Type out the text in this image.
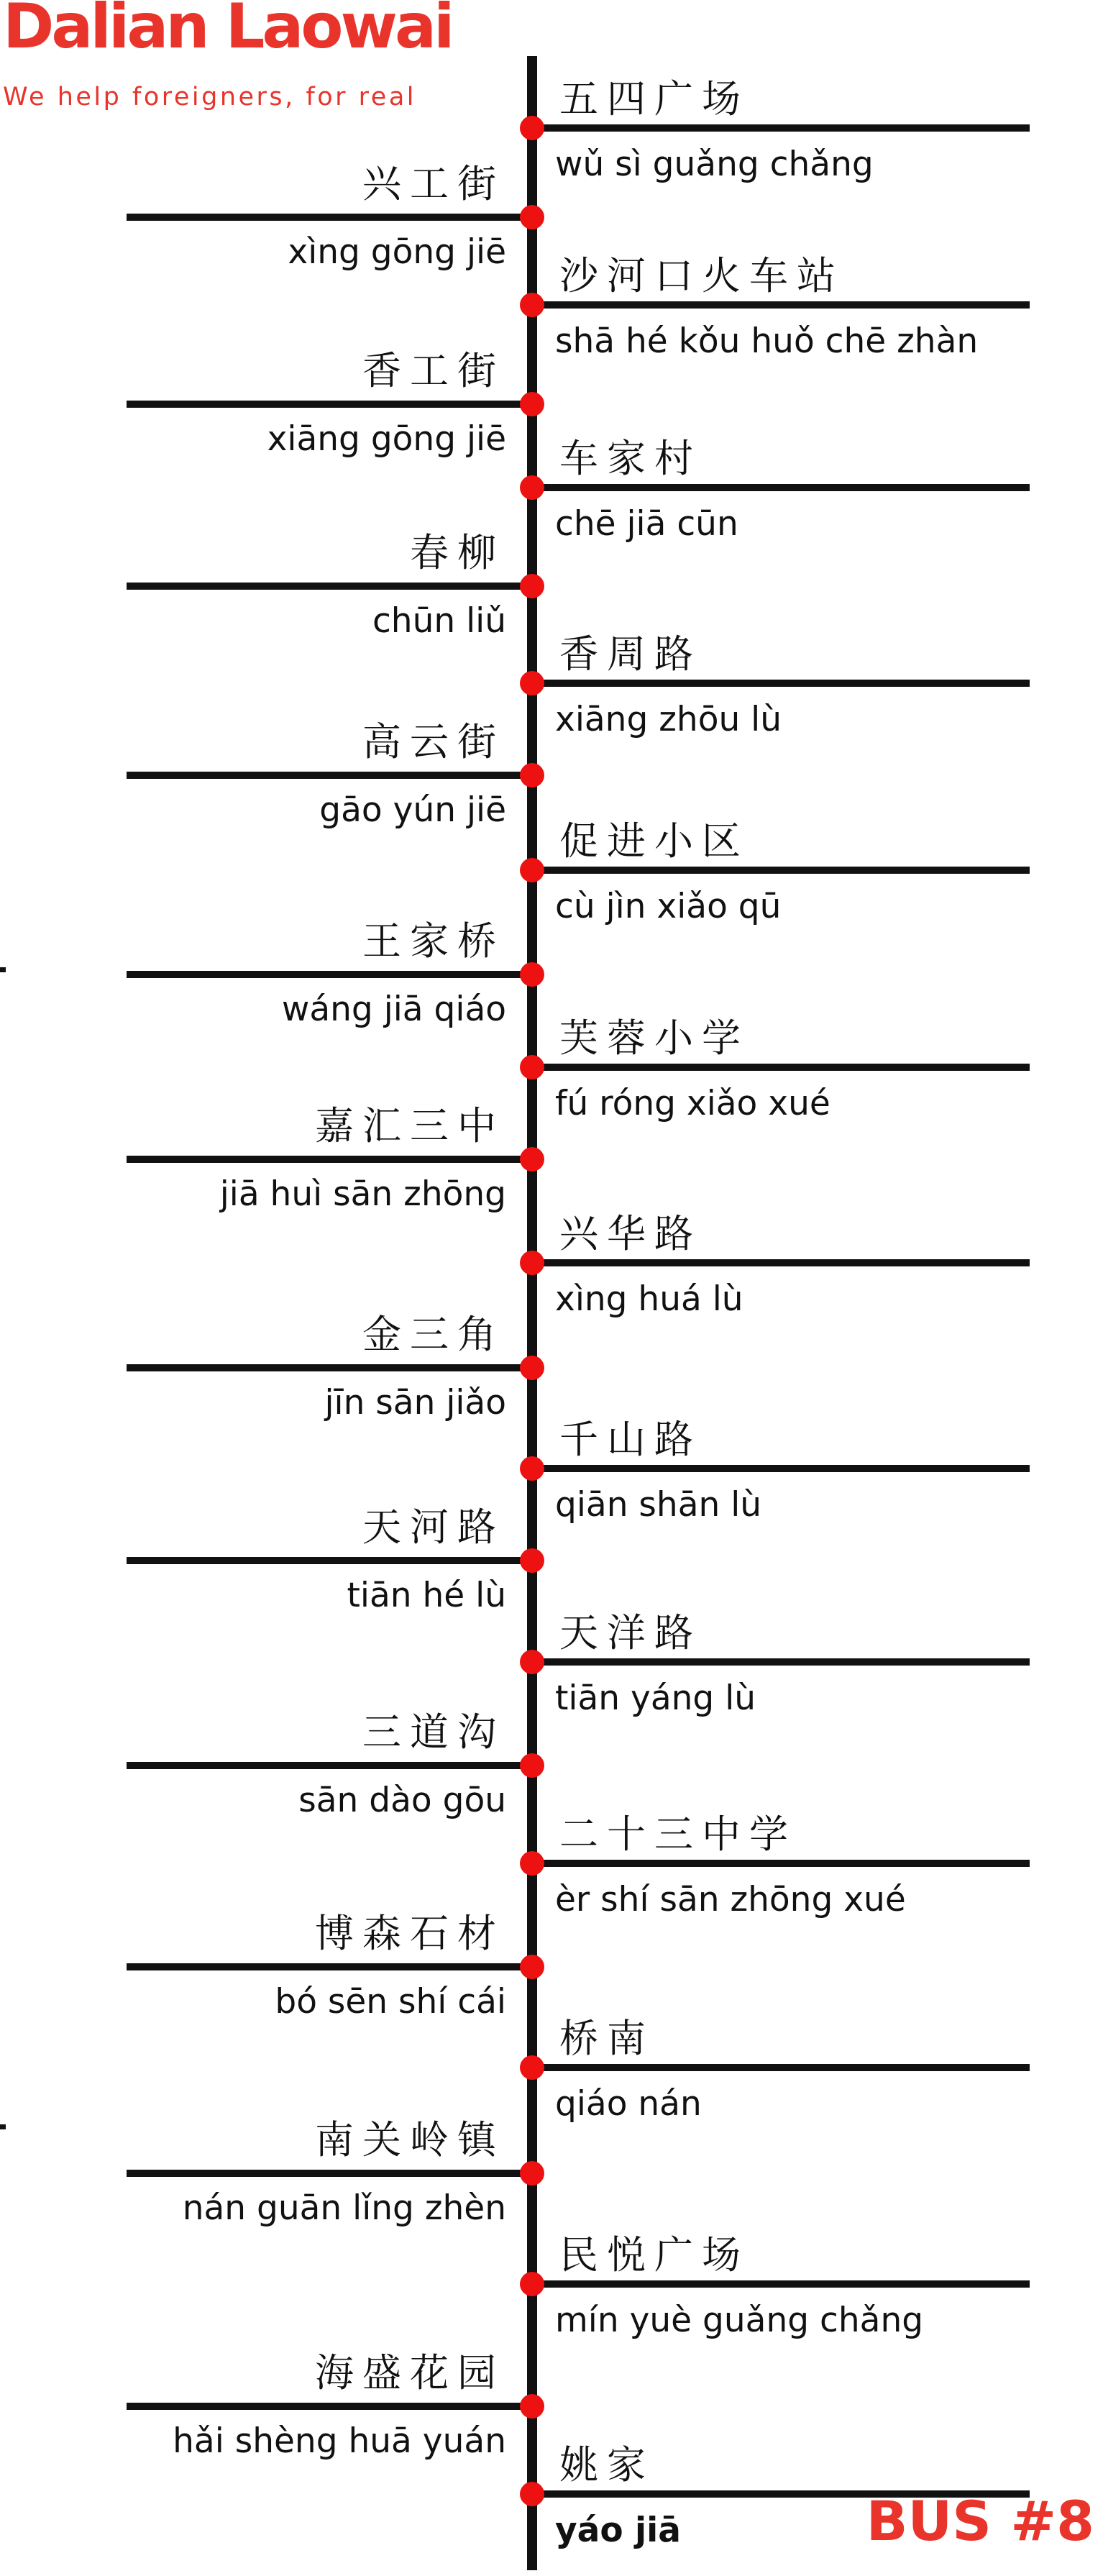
Dalian Laowai
We help foreigners, for real	五四广场
wǔ sì guǎng chǎng
兴工街
xìng gōng jiē
沙河口火车站
shā hé kǒu huǒ chē zhàn
香工街
xiāng gōng jiē 车家村
chē jiā cūn
春柳
chūn liǔ
香周路
xiāng zhōu lù
高云街
gāo yún jiē
促进小区
cù jìn xiǎo qū
王家桥
wáng jiā qiáo
芙蓉小学
fú róng xiǎo xué
嘉汇三中
jiā huì sān zhōng
兴华路
xìng huá lù
金三角
jīn sān jiǎo
千山路
qiān shān lù
天河路
tiān hé lù
天洋路
tiān yáng lù
三道沟
sān dào gōu
二十三中学
èr shí sān zhōng xué
博森石材
bó sēn shí cái
桥南
qiáo nán
南关岭镇
nán guān lǐng zhèn
民悦广场
mín yuè guǎng chǎng
海盛花园
hǎi shèng huā yuán
姚家
yáo jiā	BUS #8
